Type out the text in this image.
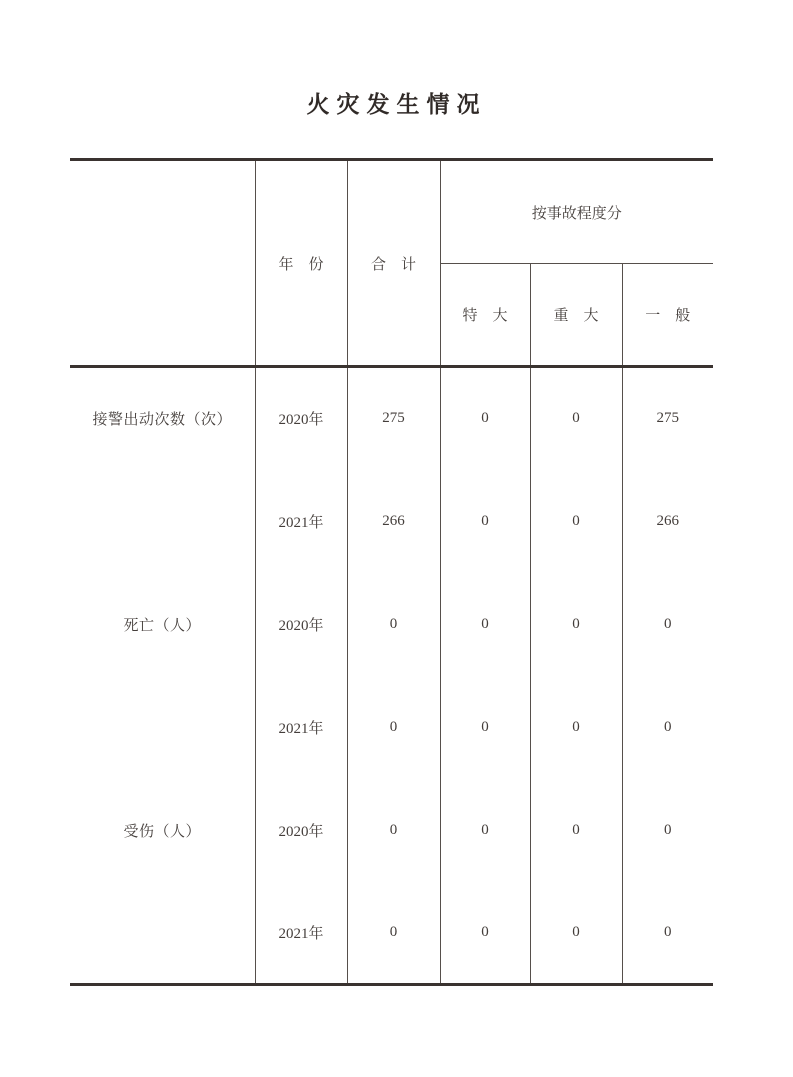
火灾发生情况
	年　份	合　计	按事故程度分		
			特　大	重　大	一　般
接警出动次数（次）	2020年	275	0	0	275
	2021年	266	0	0	266
死亡（人）	2020年	0	0	0	0
	2021年	0	0	0	0
受伤（人）	2020年	0	0	0	0
	2021年	0	0	0	0
